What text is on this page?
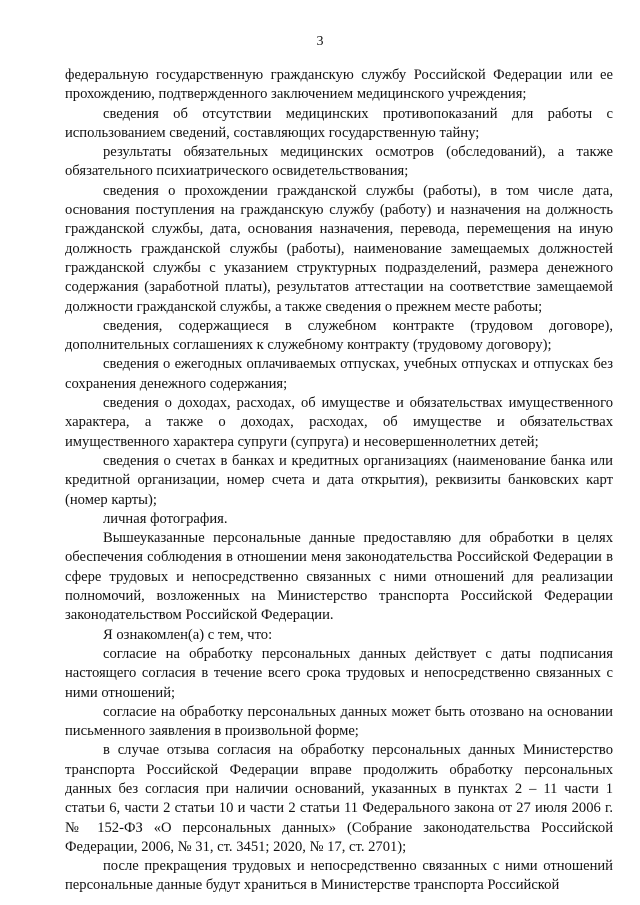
3

федеральную государственную гражданскую службу Российской Федерации или ее прохождению, подтвержденного заключением медицинского учреждения;

сведения об отсутствии медицинских противопоказаний для работы с использованием сведений, составляющих государственную тайну;

результаты обязательных медицинских осмотров (обследований), а также обязательного психиатрического освидетельствования;

сведения о прохождении гражданской службы (работы), в том числе дата, основания поступления на гражданскую службу (работу) и назначения на должность гражданской службы, дата, основания назначения, перевода, перемещения на иную должность гражданской службы (работы), наименование замещаемых должностей гражданской службы с указанием структурных подразделений, размера денежного содержания (заработной платы), результатов аттестации на соответствие замещаемой должности гражданской службы, а также сведения о прежнем месте работы;

сведения, содержащиеся в служебном контракте (трудовом договоре), дополнительных соглашениях к служебному контракту (трудовому договору);

сведения о ежегодных оплачиваемых отпусках, учебных отпусках и отпусках без сохранения денежного содержания;

сведения о доходах, расходах, об имуществе и обязательствах имущественного характера, а также о доходах, расходах, об имуществе и обязательствах имущественного характера супруги (супруга) и несовершеннолетних детей;

сведения о счетах в банках и кредитных организациях (наименование банка или кредитной организации, номер счета и дата открытия), реквизиты банковских карт (номер карты);

личная фотография.

Вышеуказанные персональные данные предоставляю для обработки в целях обеспечения соблюдения в отношении меня законодательства Российской Федерации в сфере трудовых и непосредственно связанных с ними отношений для реализации полномочий, возложенных на Министерство транспорта Российской Федерации законодательством Российской Федерации.

Я ознакомлен(а) с тем, что:

согласие на обработку персональных данных действует с даты подписания настоящего согласия в течение всего срока трудовых и непосредственно связанных с ними отношений;

согласие на обработку персональных данных может быть отозвано на основании письменного заявления в произвольной форме;

в случае отзыва согласия на обработку персональных данных Министерство транспорта Российской Федерации вправе продолжить обработку персональных данных без согласия при наличии оснований, указанных в пунктах 2 – 11 части 1 статьи 6, части 2 статьи 10 и части 2 статьи 11 Федерального закона от 27 июля 2006 г. № 152-ФЗ «О персональных данных» (Собрание законодательства Российской Федерации, 2006, № 31, ст. 3451; 2020, № 17, ст. 2701);

после прекращения трудовых и непосредственно связанных с ними отношений персональные данные будут храниться в Министерстве транспорта Российской
